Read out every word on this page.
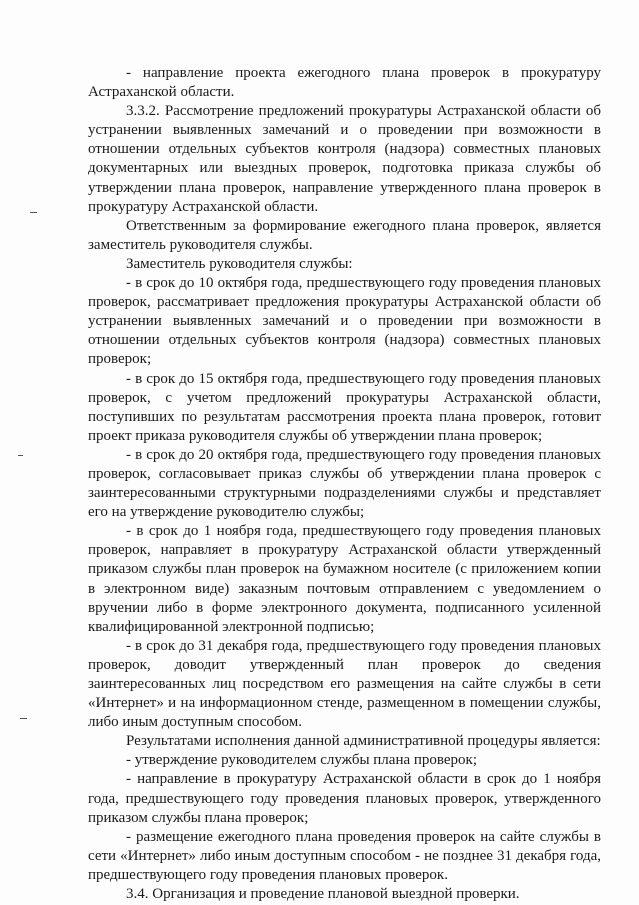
- направление проекта ежегодного плана проверок в прокуратуру Астраханской области.

3.3.2. Рассмотрение предложений прокуратуры Астраханской области об устранении выявленных замечаний и о проведении при возможности в отношении отдельных субъектов контроля (надзора) совместных плановых документарных или выездных проверок, подготовка приказа службы об утверждении плана проверок, направление утвержденного плана проверок в прокуратуру Астраханской области.

Ответственным за формирование ежегодного плана проверок, является заместитель руководителя службы.

Заместитель руководителя службы:

- в срок до 10 октября года, предшествующего году проведения плановых проверок, рассматривает предложения прокуратуры Астраханской области об устранении выявленных замечаний и о проведении при возможности в отношении отдельных субъектов контроля (надзора) совместных плановых проверок;

- в срок до 15 октября года, предшествующего году проведения плановых проверок, с учетом предложений прокуратуры Астраханской области, поступивших по результатам рассмотрения проекта плана проверок, готовит проект приказа руководителя службы об утверждении плана проверок;

- в срок до 20 октября года, предшествующего году проведения плановых проверок, согласовывает приказ службы об утверждении плана проверок с заинтересованными структурными подразделениями службы и представляет его на утверждение руководителю службы;

- в срок до 1 ноября года, предшествующего году проведения плановых проверок, направляет в прокуратуру Астраханской области утвержденный приказом службы план проверок на бумажном носителе (с приложением копии в электронном виде) заказным почтовым отправлением с уведомлением о вручении либо в форме электронного документа, подписанного усиленной квалифицированной электронной подписью;

- в срок до 31 декабря года, предшествующего году проведения плановых проверок, доводит утвержденный план проверок до сведения заинтересованных лиц посредством его размещения на сайте службы в сети «Интернет» и на информационном стенде, размещенном в помещении службы, либо иным доступным способом.

Результатами исполнения данной административной процедуры является:

- утверждение руководителем службы плана проверок;

- направление в прокуратуру Астраханской области в срок до 1 ноября года, предшествующего году проведения плановых проверок, утвержденного приказом службы плана проверок;

- размещение ежегодного плана проведения проверок на сайте службы в сети «Интернет» либо иным доступным способом - не позднее 31 декабря года, предшествующего году проведения плановых проверок.

3.4. Организация и проведение плановой выездной проверки.
